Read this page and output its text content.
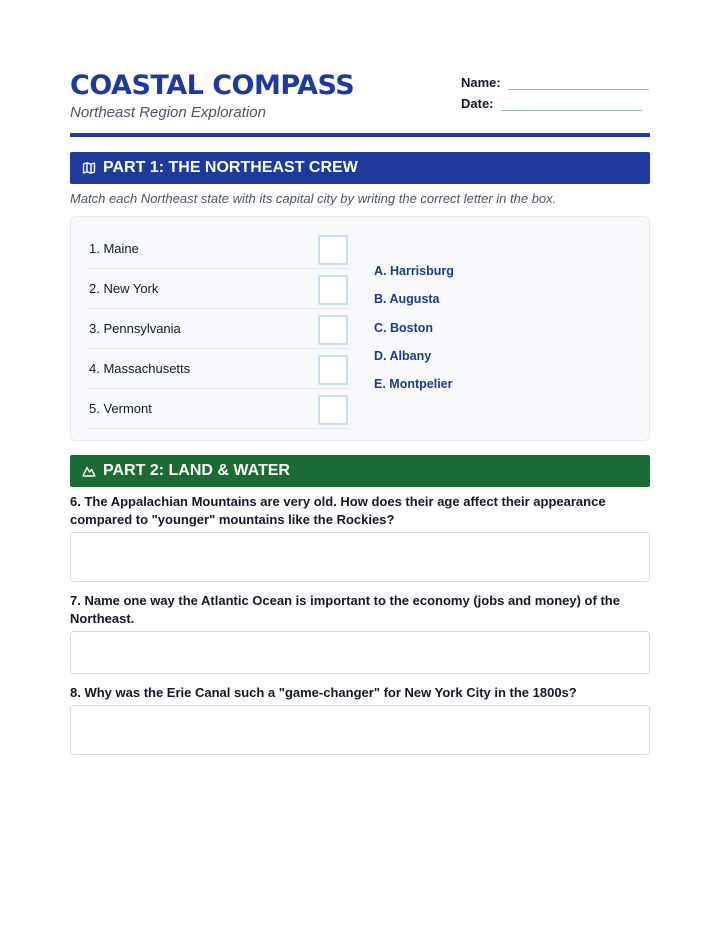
COASTAL COMPASS
Northeast Region Exploration
Name:
Date:
PART 1: THE NORTHEAST CREW
Match each Northeast state with its capital city by writing the correct letter in the box.
1. Maine
2. New York
3. Pennsylvania
4. Massachusetts
5. Vermont
A. Harrisburg
B. Augusta
C. Boston
D. Albany
E. Montpelier
PART 2: LAND & WATER
6. The Appalachian Mountains are very old. How does their age affect their appearance compared to "younger" mountains like the Rockies?
7. Name one way the Atlantic Ocean is important to the economy (jobs and money) of the Northeast.
8. Why was the Erie Canal such a "game-changer" for New York City in the 1800s?
